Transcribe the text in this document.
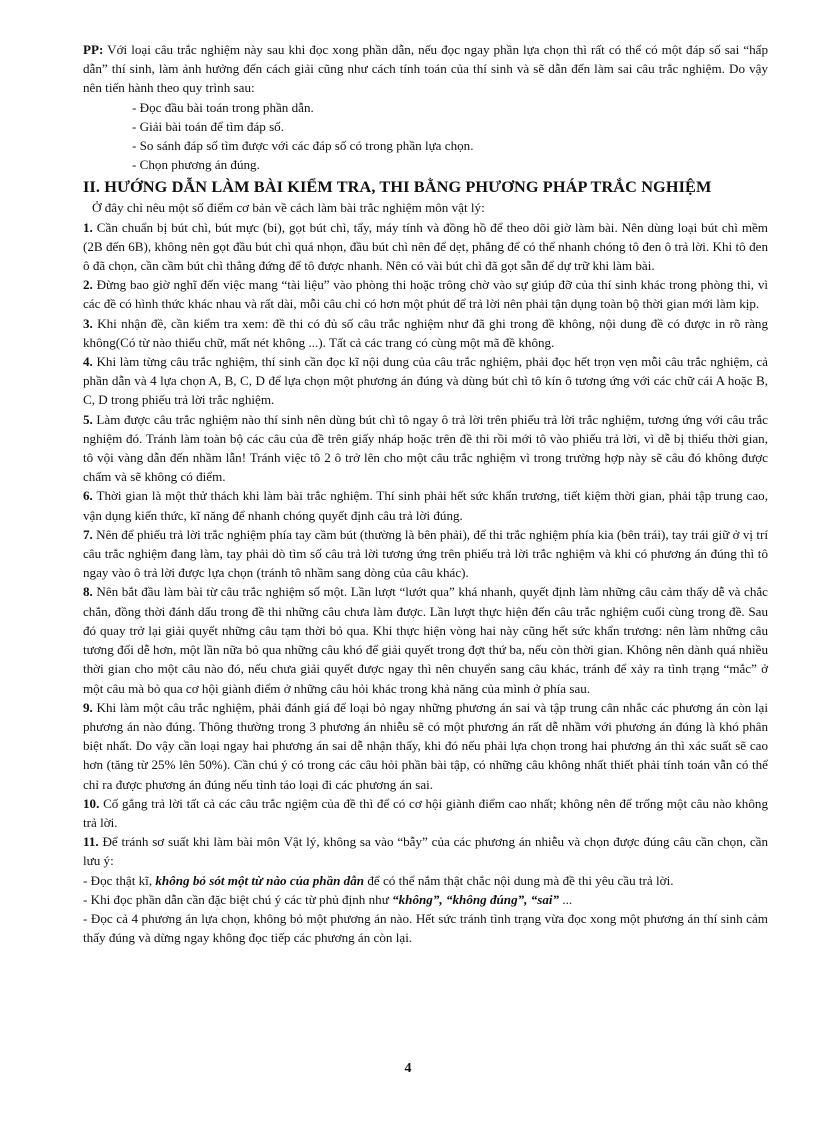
PP: Với loại câu trắc nghiệm này sau khi đọc xong phần dẫn, nếu đọc ngay phần lựa chọn thì rất có thể có một đáp số sai “hấp dẫn” thí sinh, làm ảnh hưởng đến cách giải cũng như cách tính toán của thí sinh và sẽ dẫn đến làm sai câu trắc nghiệm. Do vậy nên tiến hành theo quy trình sau:

- Đọc đầu bài toán trong phần dẫn.

- Giải bài toán để tìm đáp số.

- So sánh đáp số tìm được với các đáp số có trong phần lựa chọn.

- Chọn phương án đúng.

II. HƯỚNG DẪN LÀM BÀI KIỂM TRA, THI BẰNG PHƯƠNG PHÁP TRẮC NGHIỆM

Ở đây chỉ nêu một số điểm cơ bản về cách làm bài trắc nghiệm môn vật lý:

1. Cần chuẩn bị bút chì, bút mực (bi), gọt bút chì, tẩy, máy tính và đồng hồ để theo dõi giờ làm bài. Nên dùng loại bút chì mềm (2B đến 6B), không nên gọt đầu bút chì quá nhọn, đầu bút chì nên để dẹt, phẳng để có thể nhanh chóng tô đen ô trả lời. Khi tô đen ô đã chọn, cần cầm bút chì thẳng đứng để tô được nhanh. Nên có vài bút chì đã gọt sẵn để dự trữ khi làm bài.

2. Đừng bao giờ nghĩ đến việc mang “tài liệu” vào phòng thi hoặc trông chờ vào sự giúp đỡ của thí sinh khác trong phòng thi, vì các đề có hình thức khác nhau và rất dài, mỗi câu chỉ có hơn một phút để trả lời nên phải tận dụng toàn bộ thời gian mới làm kịp.

3. Khi nhận đề, cần kiểm tra xem: đề thi có đủ số câu trắc nghiệm như đã ghi trong đề không, nội dung đề có được in rõ ràng không(Có từ nào thiếu chữ, mất nét không ...). Tất cả các trang có cùng một mã đề không.

4. Khi làm từng câu trắc nghiệm, thí sinh cần đọc kĩ nội dung của câu trắc nghiệm, phải đọc hết trọn vẹn mỗi câu trắc nghiệm, cả phần dẫn và 4 lựa chọn A, B, C, D để lựa chọn một phương án đúng và dùng bút chì tô kín ô tương ứng với các chữ cái A hoặc B, C, D trong phiếu trả lời trắc nghiệm.

5. Làm được câu trắc nghiệm nào thí sinh nên dùng bút chì tô ngay ô trả lời trên phiếu trả lời trắc nghiệm, tương ứng với câu trắc nghiệm đó. Tránh làm toàn bộ các câu của đề trên giấy nháp hoặc trên đề thi rồi mới tô vào phiếu trả lời, vì dễ bị thiếu thời gian, tô vội vàng dẫn đến nhầm lẫn! Tránh việc tô 2 ô trở lên cho một câu trắc nghiệm vì trong trường hợp này sẽ câu đó không được chấm và sẽ không có điểm.

6. Thời gian là một thử thách khi làm bài trắc nghiệm. Thí sinh phải hết sức khẩn trương, tiết kiệm thời gian, phải tập trung cao, vận dụng kiến thức, kĩ năng để nhanh chóng quyết định câu trả lời đúng.

7. Nên để phiếu trả lời trắc nghiệm phía tay cầm bút (thường là bên phải), để thi trắc nghiệm phía kia (bên trái), tay trái giữ ở vị trí câu trắc nghiệm đang làm, tay phải dò tìm số câu trả lời tương ứng trên phiếu trả lời trắc nghiệm và khi có phương án đúng thì tô ngay vào ô trả lời được lựa chọn (tránh tô nhầm sang dòng của câu khác).

8. Nên bắt đầu làm bài từ câu trắc nghiệm số một. Lần lượt “lướt qua” khá nhanh, quyết định làm những câu cảm thấy dễ và chắc chắn, đồng thời đánh dấu trong đề thi những câu chưa làm được. Lần lượt thực hiện đến câu trắc nghiệm cuối cùng trong đề. Sau đó quay trở lại giải quyết những câu tạm thời bỏ qua. Khi thực hiện vòng hai này cũng hết sức khẩn trương: nên làm những câu tương đối dễ hơn, một lần nữa bỏ qua những câu khó để giải quyết trong đợt thứ ba, nếu còn thời gian. Không nên dành quá nhiều thời gian cho một câu nào đó, nếu chưa giải quyết được ngay thì nên chuyển sang câu khác, tránh để xảy ra tình trạng “mắc” ở một câu mà bỏ qua cơ hội giành điểm ở những câu hỏi khác trong khả năng của mình ở phía sau.

9. Khi làm một câu trắc nghiệm, phải đánh giá để loại bỏ ngay những phương án sai và tập trung cân nhắc các phương án còn lại phương án nào đúng. Thông thường trong 3 phương án nhiễu sẽ có một phương án rất dễ nhầm với phương án đúng là khó phân biệt nhất. Do vậy cần loại ngay hai phương án sai dễ nhận thấy, khi đó nếu phải lựa chọn trong hai phương án thì xác suất sẽ cao hơn (tăng từ 25% lên 50%). Cần chú ý có trong các câu hỏi phần bài tập, có những câu không nhất thiết phải tính toán vẫn có thể chỉ ra được phương án đúng nếu tỉnh táo loại đi các phương án sai.

10. Cố gắng trả lời tất cả các câu trắc ngiệm của đề thì để có cơ hội giành điểm cao nhất; không nên để trống một câu nào không trả lời.

11. Để tránh sơ suất khi làm bài môn Vật lý, không sa vào “bẫy” của các phương án nhiễu và chọn được đúng câu cần chọn, cần lưu ý:

- Đọc thật kĩ, không bỏ sót một từ nào của phần dẫn để có thể nắm thật chắc nội dung mà đề thi yêu cầu trả lời.

- Khi đọc phần dẫn cần đặc biệt chú ý các từ phủ định như “không”, “không đúng”, “sai” ...

- Đọc cả 4 phương án lựa chọn, không bỏ một phương án nào. Hết sức tránh tình trạng vừa đọc xong một phương án thí sinh cảm thấy đúng và dừng ngay không đọc tiếp các phương án còn lại.

4
